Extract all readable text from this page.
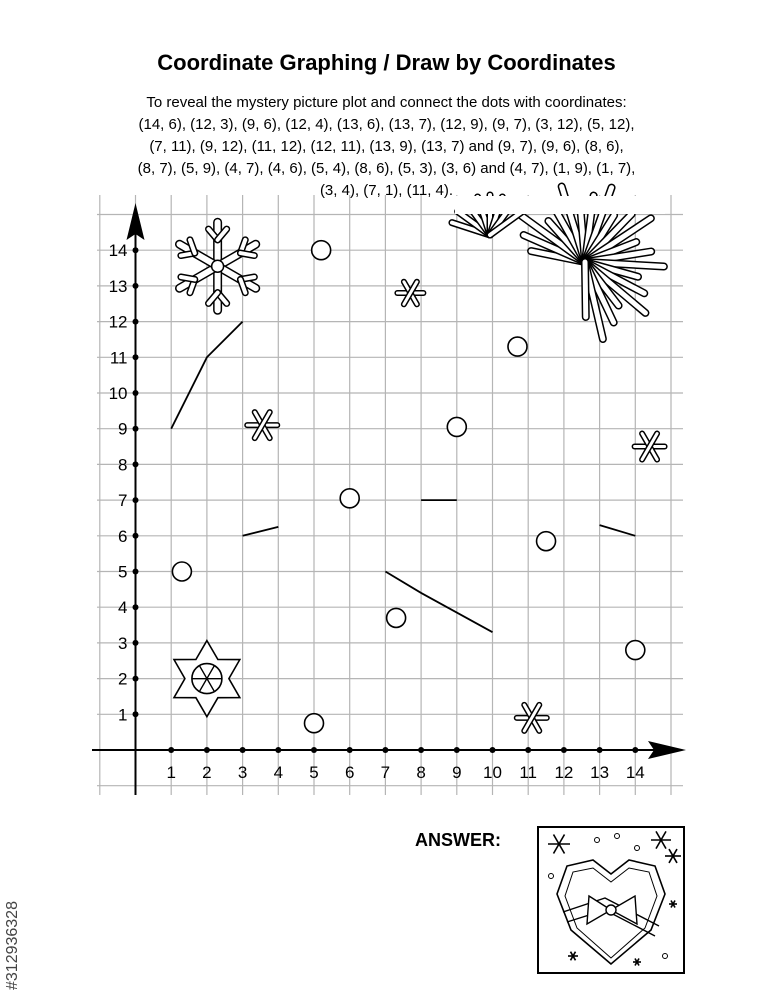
Coordinate Graphing / Draw by Coordinates
To reveal the mystery picture plot and connect the dots with coordinates:
(14, 6), (12, 3), (9, 6), (12, 4), (13, 6), (13, 7), (12, 9), (9, 7), (3, 12), (5, 12),
(7, 11), (9, 12), (11, 12), (12, 11), (13, 9), (13, 7) and (9, 7), (9, 6), (8, 6),
(8, 7), (5, 9), (4, 7), (4, 6), (5, 4), (8, 6), (5, 3), (3, 6) and (4, 7), (1, 9), (1, 7),
(3, 4), (7, 1), (11, 4).
1 2 3 4 5 6 7 8 9 10 11 12 13 14
1
2
3
4
5
6
7
8
9
10
11
12
13
14
ANSWER:
#312936328
